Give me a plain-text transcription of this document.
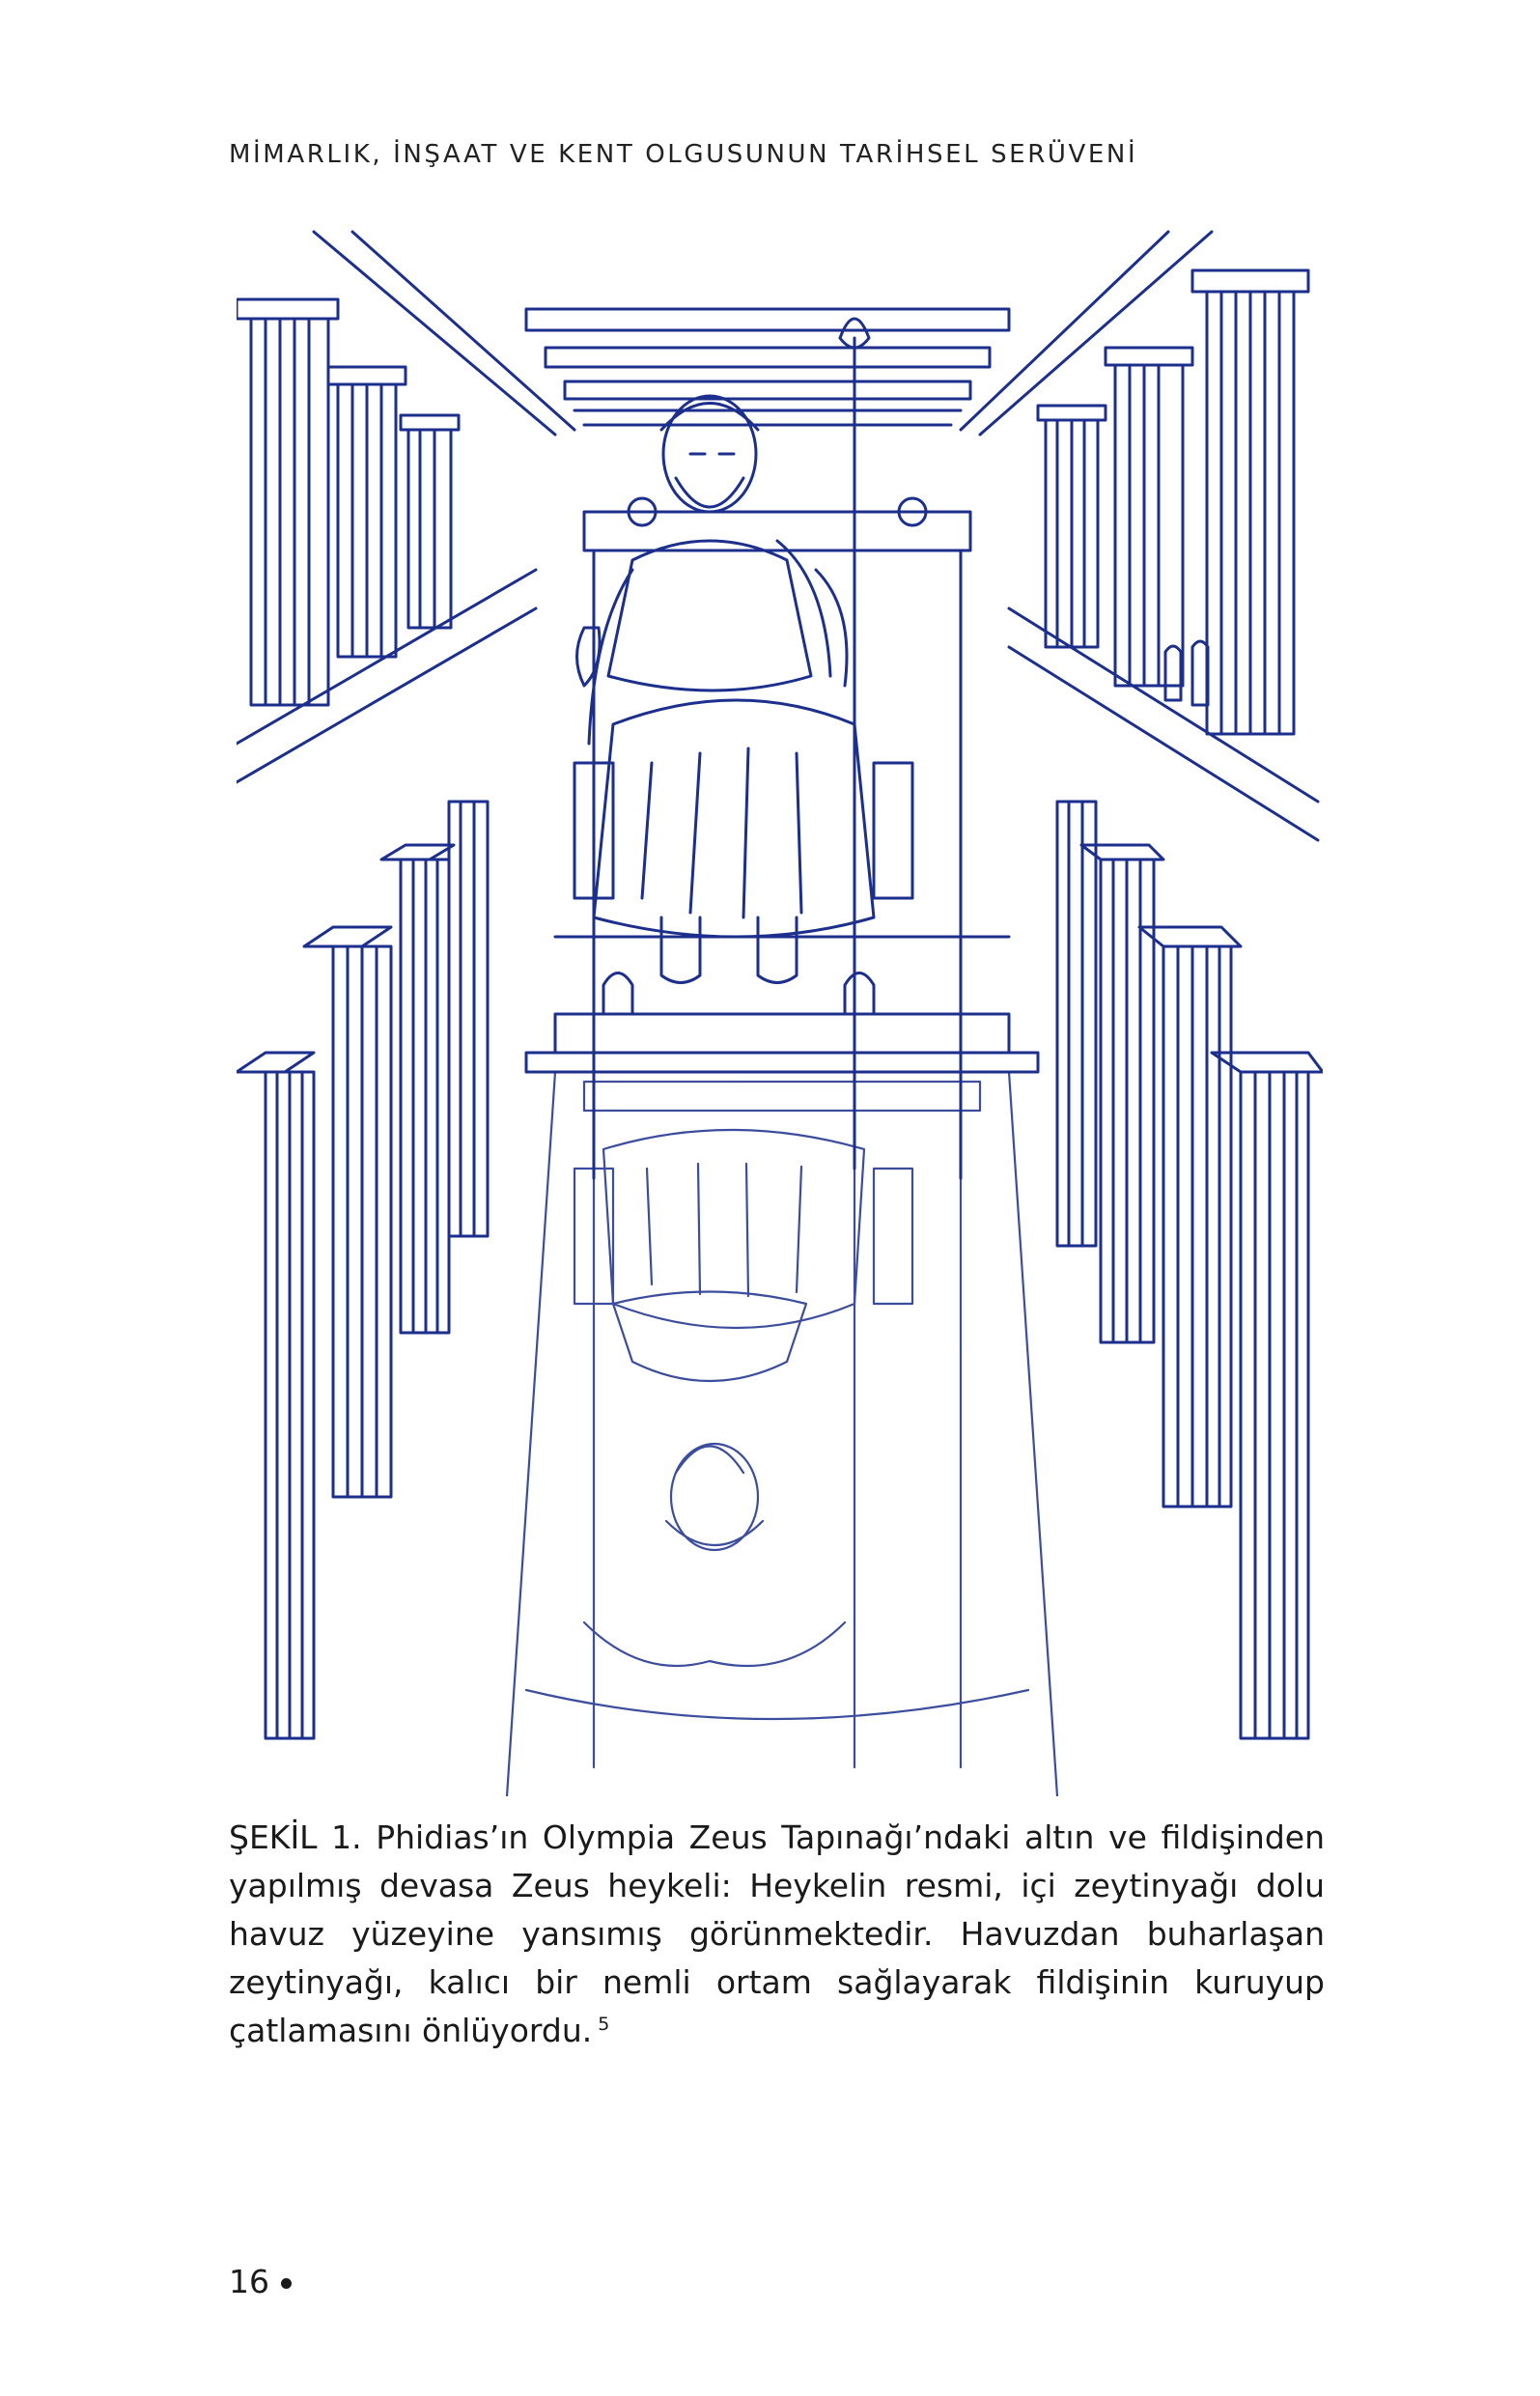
MİMARLIK, İNŞAAT VE KENT OLGUSUNUN TARİHSEL SERÜVENİ
ŞEKİL 1. Phidias’ın Olympia Zeus Tapınağı’ndaki altın ve fildişinden yapılmış devasa Zeus heykeli: Heykelin resmi, içi zeytinyağı dolu havuz yüzeyine yansımış görünmektedir. Havuzdan buharlaşan zeytinyağı, kalıcı bir nemli ortam sağlayarak fildişinin kuruyup çatlamasını önlüyordu. $^5$
16
